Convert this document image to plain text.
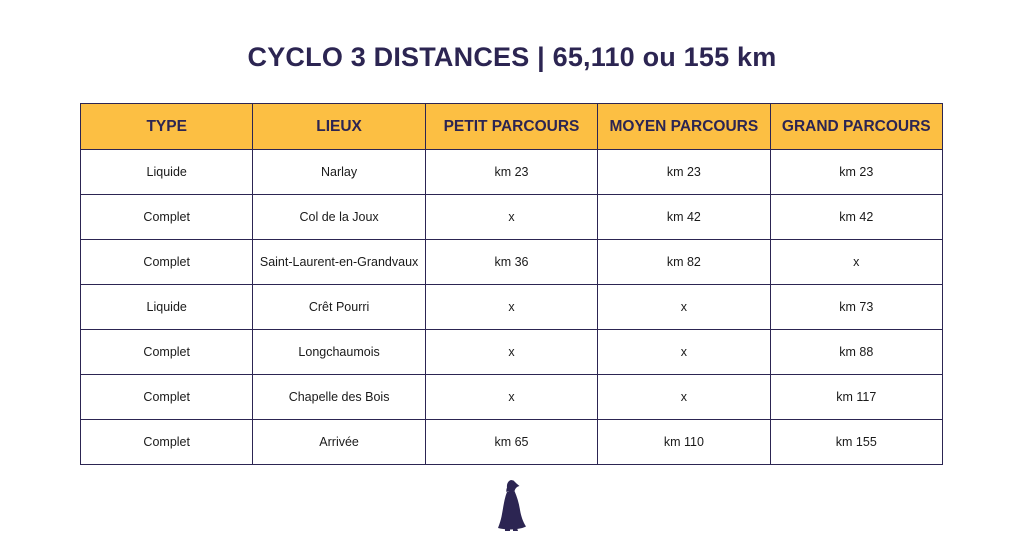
CYCLO 3 DISTANCES | 65,110 ou 155 km
TYPE	LIEUX	PETIT PARCOURS	MOYEN PARCOURS	GRAND PARCOURS
Liquide	Narlay	km 23	km 23	km 23
Complet	Col de la Joux	x	km 42	km 42
Complet	Saint-Laurent-en-Grandvaux	km 36	km 82	x
Liquide	Crêt Pourri	x	x	km 73
Complet	Longchaumois	x	x	km 88
Complet	Chapelle des Bois	x	x	km 117
Complet	Arrivée	km 65	km 110	km 155
